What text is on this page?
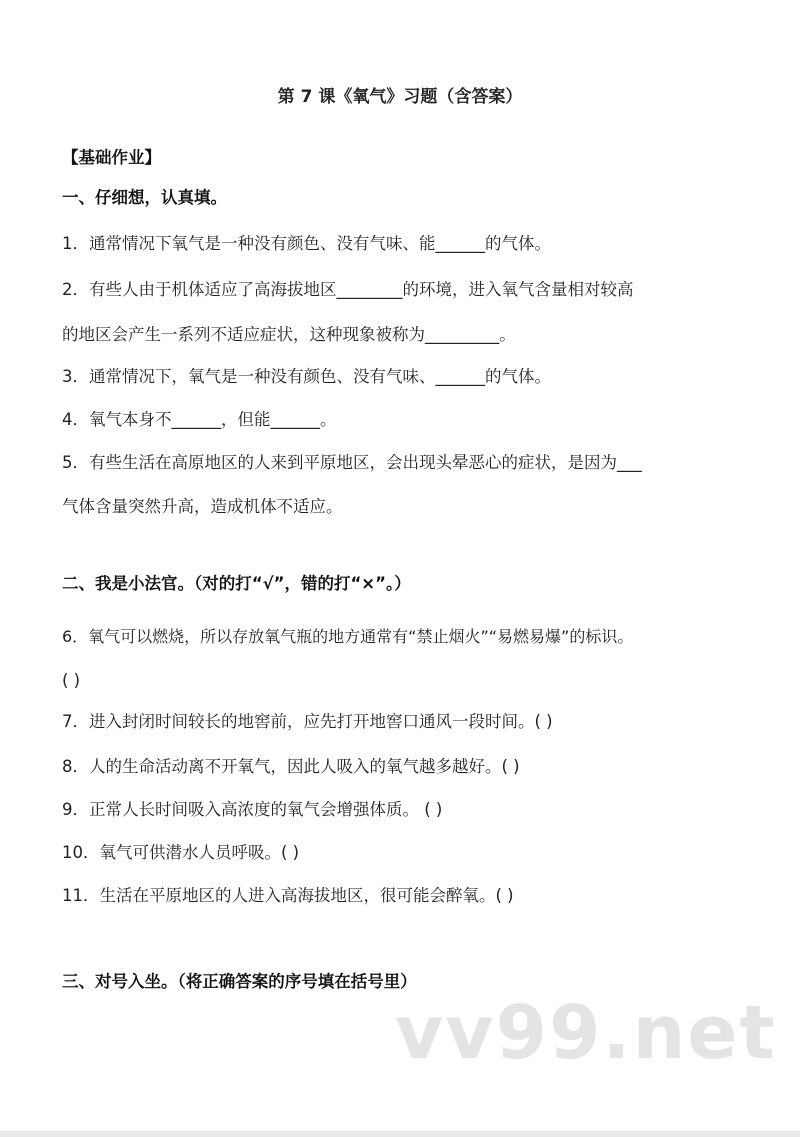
第 7 课《氧气》习题（含答案）
【基础作业】
一、仔细想，认真填。
1．通常情况下氧气是一种没有颜色、没有气味、能______的气体。
2．有些人由于机体适应了高海拔地区________的环境，进入氧气含量相对较高
的地区会产生一系列不适应症状，这种现象被称为_________。
3．通常情况下，氧气是一种没有颜色、没有气味、______的气体。
4．氧气本身不______，但能______。
5．有些生活在高原地区的人来到平原地区，会出现头晕恶心的症状，是因为___
气体含量突然升高，造成机体不适应。
二、我是小法官。（对的打“√”，错的打“×”。）
6．氧气可以燃烧，所以存放氧气瓶的地方通常有“禁止烟火”“易燃易爆”的标识。
( )
7．进入封闭时间较长的地窖前，应先打开地窖口通风一段时间。( )
8．人的生命活动离不开氧气，因此人吸入的氧气越多越好。( )
9．正常人长时间吸入高浓度的氧气会增强体质。 ( )
10．氧气可供潜水人员呼吸。( )
11．生活在平原地区的人进入高海拔地区，很可能会醉氧。( )
三、对号入坐。（将正确答案的序号填在括号里）
vv99.net
